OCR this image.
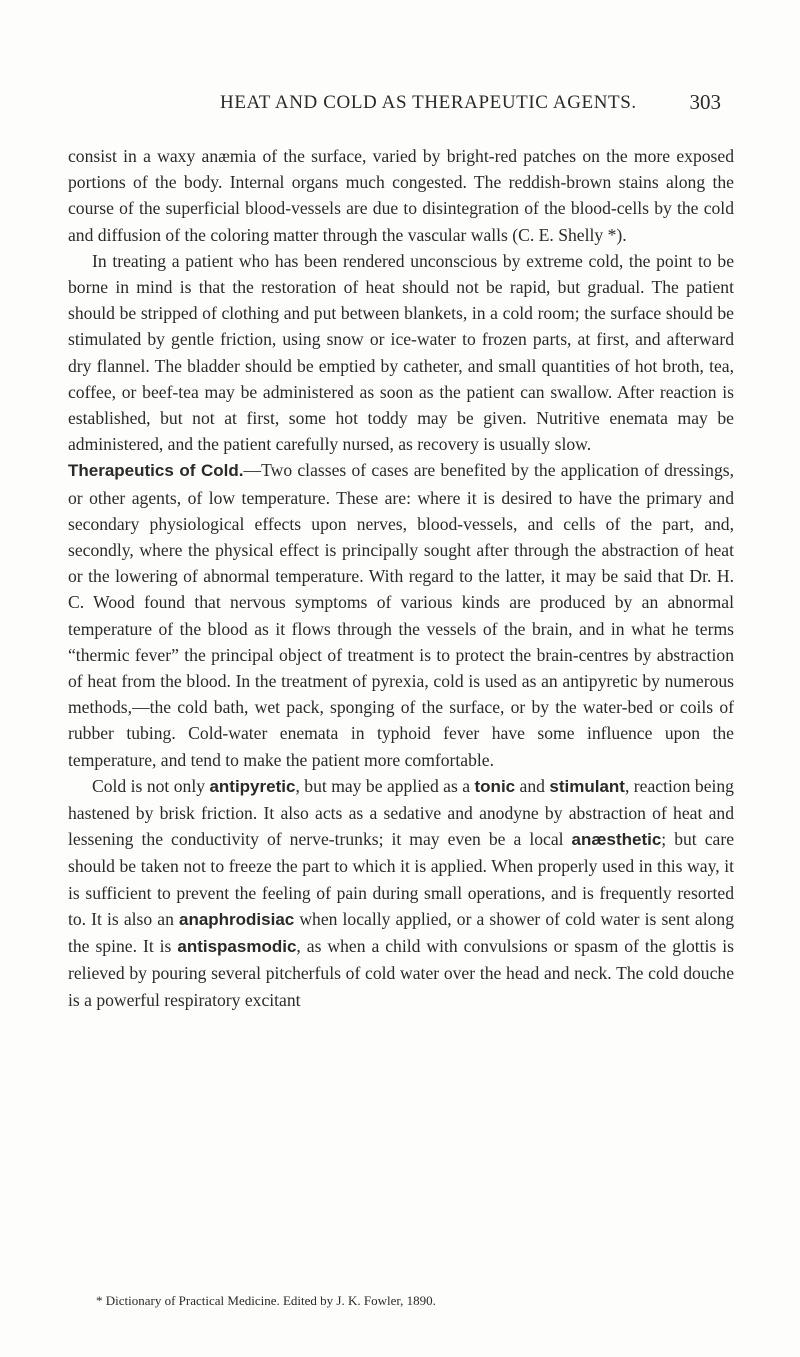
HEAT AND COLD AS THERAPEUTIC AGENTS.	303

consist in a waxy anæmia of the surface, varied by bright-red patches on the more exposed portions of the body. Internal organs much congested. The reddish-brown stains along the course of the superficial blood-vessels are due to disintegration of the blood-cells by the cold and diffusion of the coloring matter through the vascular walls (C. E. Shelly *).

In treating a patient who has been rendered unconscious by extreme cold, the point to be borne in mind is that the restoration of heat should not be rapid, but gradual. The patient should be stripped of clothing and put between blankets, in a cold room; the surface should be stimulated by gentle friction, using snow or ice-water to frozen parts, at first, and afterward dry flannel. The bladder should be emptied by catheter, and small quantities of hot broth, tea, coffee, or beef-tea may be administered as soon as the patient can swallow. After reaction is established, but not at first, some hot toddy may be given. Nutritive enemata may be administered, and the patient carefully nursed, as recovery is usually slow.

Therapeutics of Cold.—Two classes of cases are benefited by the application of dressings, or other agents, of low temperature. These are: where it is desired to have the primary and secondary physiological effects upon nerves, blood-vessels, and cells of the part, and, secondly, where the physical effect is principally sought after through the abstraction of heat or the lowering of abnormal temperature. With regard to the latter, it may be said that Dr. H. C. Wood found that nervous symptoms of various kinds are produced by an abnormal temperature of the blood as it flows through the vessels of the brain, and in what he terms “thermic fever” the principal object of treatment is to protect the brain-centres by abstraction of heat from the blood. In the treatment of pyrexia, cold is used as an antipyretic by numerous methods,—the cold bath, wet pack, sponging of the surface, or by the water-bed or coils of rubber tubing. Cold-water enemata in typhoid fever have some influence upon the temperature, and tend to make the patient more comfortable.

Cold is not only antipyretic, but may be applied as a tonic and stimulant, reaction being hastened by brisk friction. It also acts as a sedative and anodyne by abstraction of heat and lessening the conductivity of nerve-trunks; it may even be a local anæsthetic; but care should be taken not to freeze the part to which it is applied. When properly used in this way, it is sufficient to prevent the feeling of pain during small operations, and is frequently resorted to. It is also an anaphrodisiac when locally applied, or a shower of cold water is sent along the spine. It is antispasmodic, as when a child with convulsions or spasm of the glottis is relieved by pouring several pitcherfuls of cold water over the head and neck. The cold douche is a powerful respiratory excitant

* Dictionary of Practical Medicine. Edited by J. K. Fowler, 1890.
